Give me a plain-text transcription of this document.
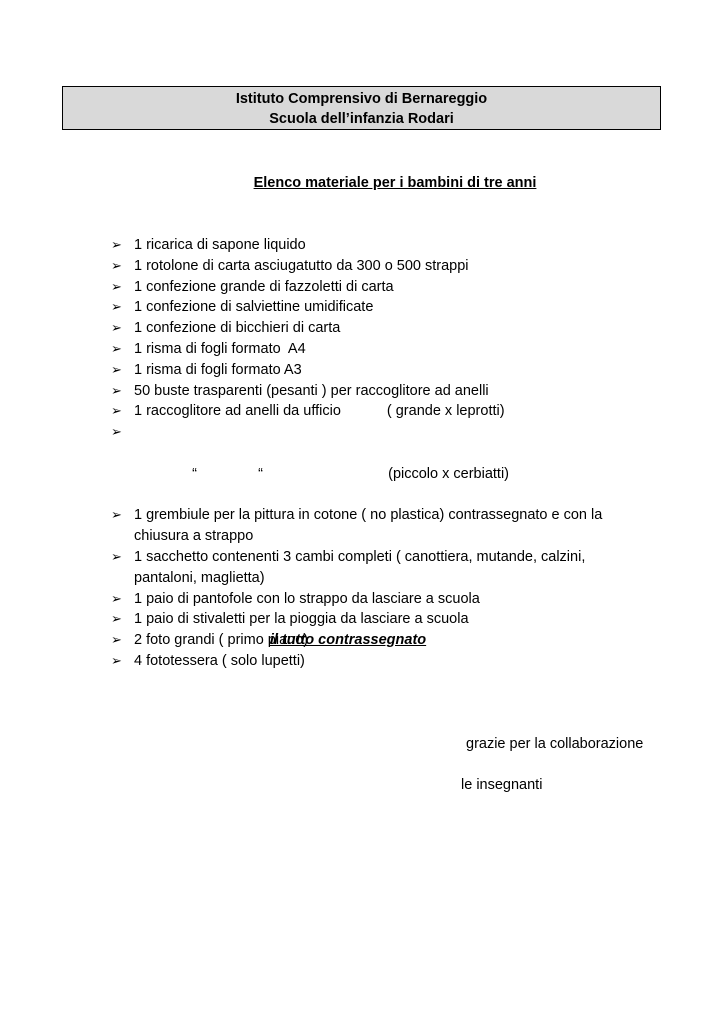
Istituto Comprensivo di Bernareggio
Scuola dell’infanzia Rodari
Elenco materiale per i bambini di tre anni
➢ 1 ricarica di sapone liquido
➢ 1 rotolone di carta asciugatutto da 300 o 500 strappi
➢ 1 confezione grande di fazzoletti di carta
➢ 1 confezione di salviettine umidificate
➢ 1 confezione di bicchieri di carta
➢ 1 risma di fogli formato  A4
➢ 1 risma di fogli formato A3
➢ 50 buste trasparenti (pesanti ) per raccoglitore ad anelli
➢ 1 raccoglitore ad anelli da ufficio	( grande x leprotti)

➢

“	“	(piccolo x cerbiatti)

➢ 1 grembiule per la pittura in cotone ( no plastica) contrassegnato e con la chiusura a strappo
➢ 1 sacchetto contenenti 3 cambi completi ( canottiera, mutande, calzini, pantaloni, maglietta)
➢ 1 paio di pantofole con lo strappo da lasciare a scuola
➢ 1 paio di stivaletti per la pioggia da lasciare a scuola
➢ 2 foto grandi ( primo piano)
➢ 4 fototessera ( solo lupetti)
il tutto contrassegnato
grazie per la collaborazione
le insegnanti
